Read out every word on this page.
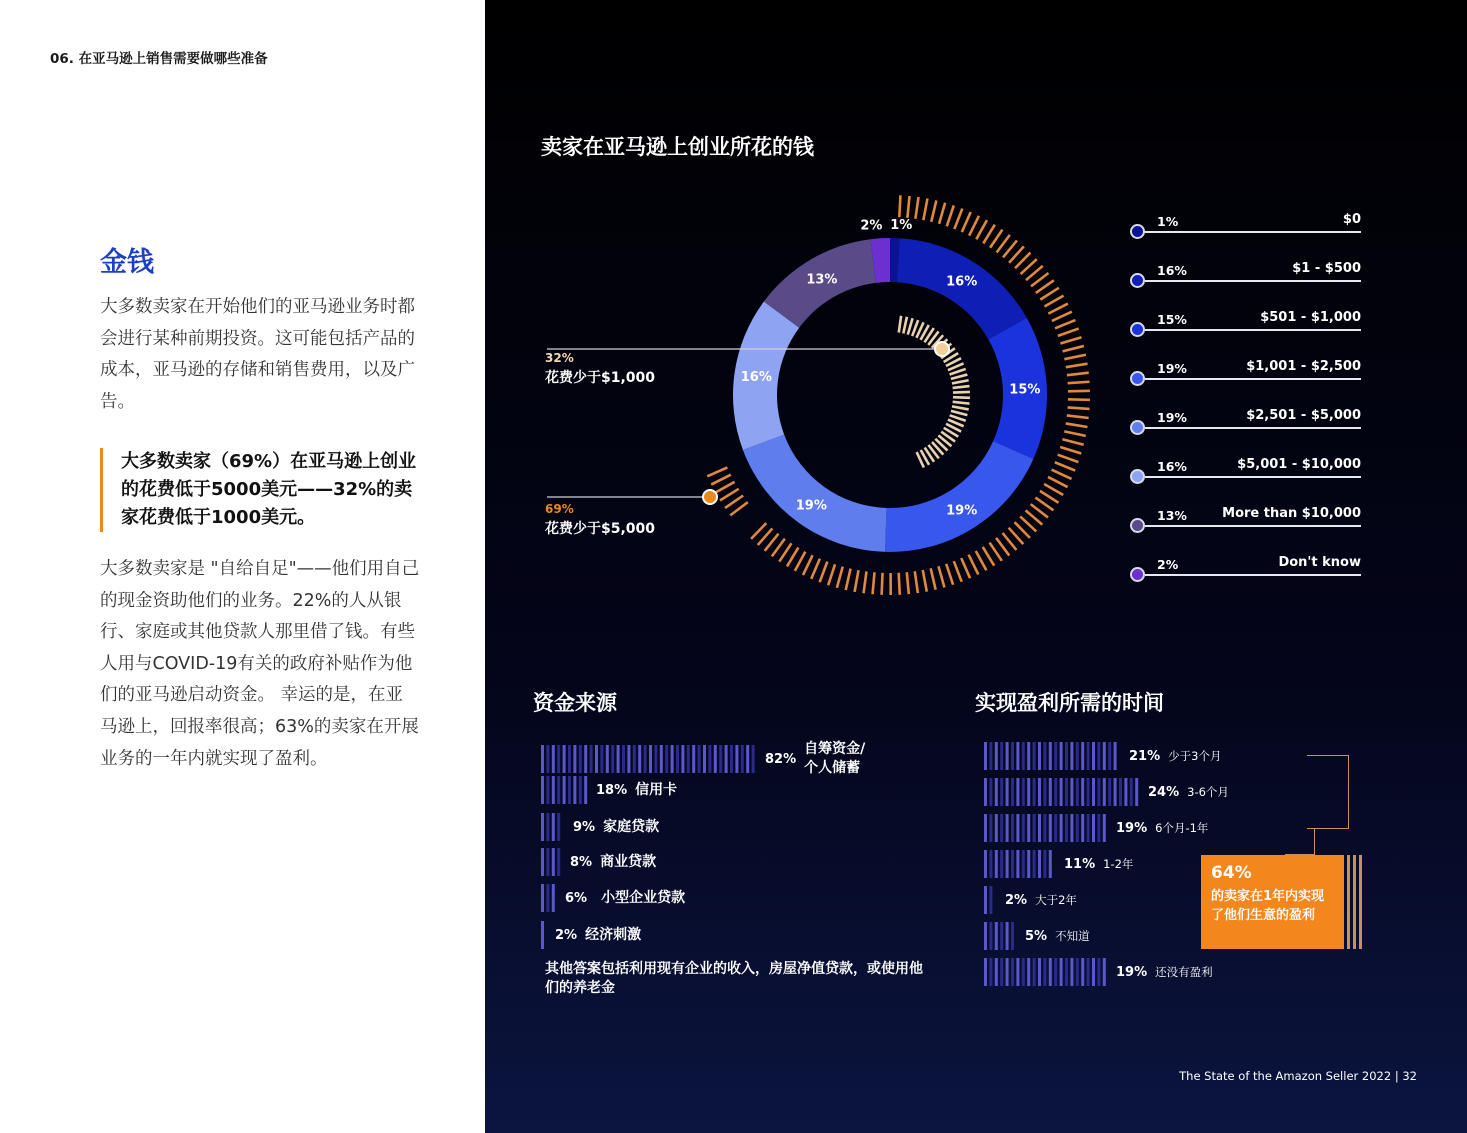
06. 在亚马逊上销售需要做哪些准备
金钱
大多数卖家在开始他们的亚马逊业务时都会进行某种前期投资。这可能包括产品的成本，亚马逊的存储和销售费用，以及广告。
大多数卖家（69%）在亚马逊上创业的花费低于5000美元——32%的卖家花费低于1000美元。
大多数卖家是 "自给自足"——他们用自己的现金资助他们的业务。22%的人从银行、家庭或其他贷款人那里借了钱。有些人用与COVID-19有关的政府补贴作为他们的亚马逊启动资金。 幸运的是，在亚马逊上，回报率很高；63%的卖家在开展业务的一年内就实现了盈利。
卖家在亚马逊上创业所花的钱
1%
16%
15%
19%
19%
16%
13%
2%
32%
花费少于$1,000
69%
花费少于$5,000
1%	$0
16%	$1 - $500
15%	$501 - $1,000
19%	$1,001 - $2,500
19%	$2,501 - $5,000
16%	$5,001 - $10,000
13%	More than $10,000
2%	Don't know
资金来源
82%
自筹资金/个人储蓄
18% 信用卡
9% 家庭贷款
8% 商业贷款
6% 小型企业贷款
2% 经济刺激
其他答案包括利用现有企业的收入，房屋净值贷款，或使用他们的养老金
实现盈利所需的时间
21% 少于3个月
24% 3-6个月
19% 6个月-1年
11% 1-2年
2% 大于2年
5% 不知道
19% 还没有盈利
64%
的卖家在1年内实现了他们生意的盈利
The State of the Amazon Seller 2022 | 32
